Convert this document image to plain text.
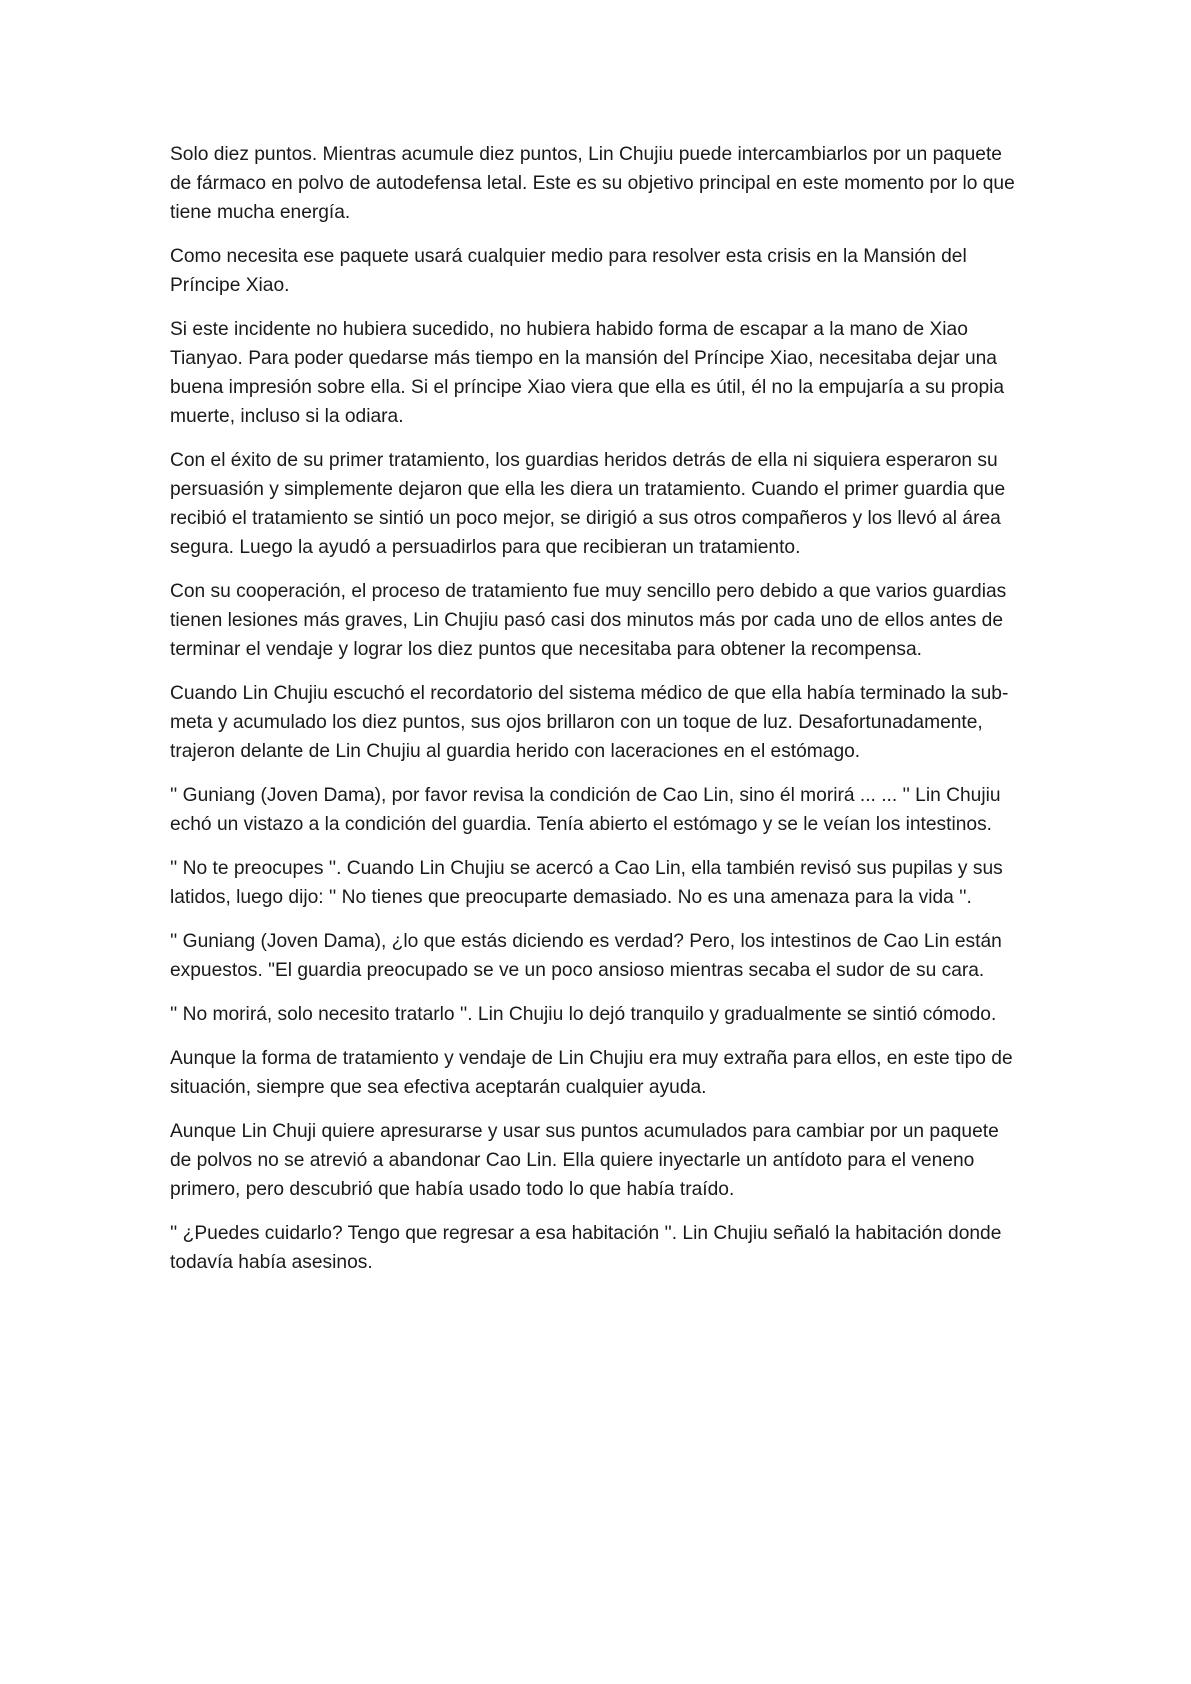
Solo diez puntos. Mientras acumule diez puntos, Lin Chujiu puede intercambiarlos por un paquete de fármaco en polvo de autodefensa letal. Este es su objetivo principal en este momento por lo que tiene mucha energía.

Como necesita ese paquete usará cualquier medio para resolver esta crisis en la Mansión del Príncipe Xiao.

Si este incidente no hubiera sucedido, no hubiera habido forma de escapar a la mano de Xiao Tianyao. Para poder quedarse más tiempo en la mansión del Príncipe Xiao, necesitaba dejar una buena impresión sobre ella. Si el príncipe Xiao viera que ella es útil, él no la empujaría a su propia muerte, incluso si la odiara.

Con el éxito de su primer tratamiento, los guardias heridos detrás de ella ni siquiera esperaron su persuasión y simplemente dejaron que ella les diera un tratamiento. Cuando el primer guardia que recibió el tratamiento se sintió un poco mejor, se dirigió a sus otros compañeros y los llevó al área segura. Luego la ayudó a persuadirlos para que recibieran un tratamiento.

Con su cooperación, el proceso de tratamiento fue muy sencillo pero debido a que varios guardias tienen lesiones más graves, Lin Chujiu pasó casi dos minutos más por cada uno de ellos antes de terminar el vendaje y lograr los diez puntos que necesitaba para obtener la recompensa.

Cuando Lin Chujiu escuchó el recordatorio del sistema médico de que ella había terminado la sub-meta y acumulado los diez puntos, sus ojos brillaron con un toque de luz. Desafortunadamente, trajeron delante de Lin Chujiu al guardia herido con laceraciones en el estómago.

'' Guniang (Joven Dama), por favor revisa la condición de Cao Lin, sino él morirá ... ... '' Lin Chujiu echó un vistazo a la condición del guardia. Tenía abierto el estómago y se le veían los intestinos.

'' No te preocupes ''. Cuando Lin Chujiu se acercó a Cao Lin, ella también revisó sus pupilas y sus latidos, luego dijo: '' No tienes que preocuparte demasiado. No es una amenaza para la vida ''.

'' Guniang (Joven Dama), ¿lo que estás diciendo es verdad? Pero, los intestinos de Cao Lin están expuestos. "El guardia preocupado se ve un poco ansioso mientras secaba el sudor de su cara.

'' No morirá, solo necesito tratarlo ''. Lin Chujiu lo dejó tranquilo y gradualmente se sintió cómodo.

Aunque la forma de tratamiento y vendaje de Lin Chujiu era muy extraña para ellos, en este tipo de situación, siempre que sea efectiva aceptarán cualquier ayuda.

Aunque Lin Chuji quiere apresurarse y usar sus puntos acumulados para cambiar por un paquete de polvos no se atrevió a abandonar Cao Lin. Ella quiere inyectarle un antídoto para el veneno primero, pero descubrió que había usado todo lo que había traído.

'' ¿Puedes cuidarlo? Tengo que regresar a esa habitación ''. Lin Chujiu señaló la habitación donde todavía había asesinos.
